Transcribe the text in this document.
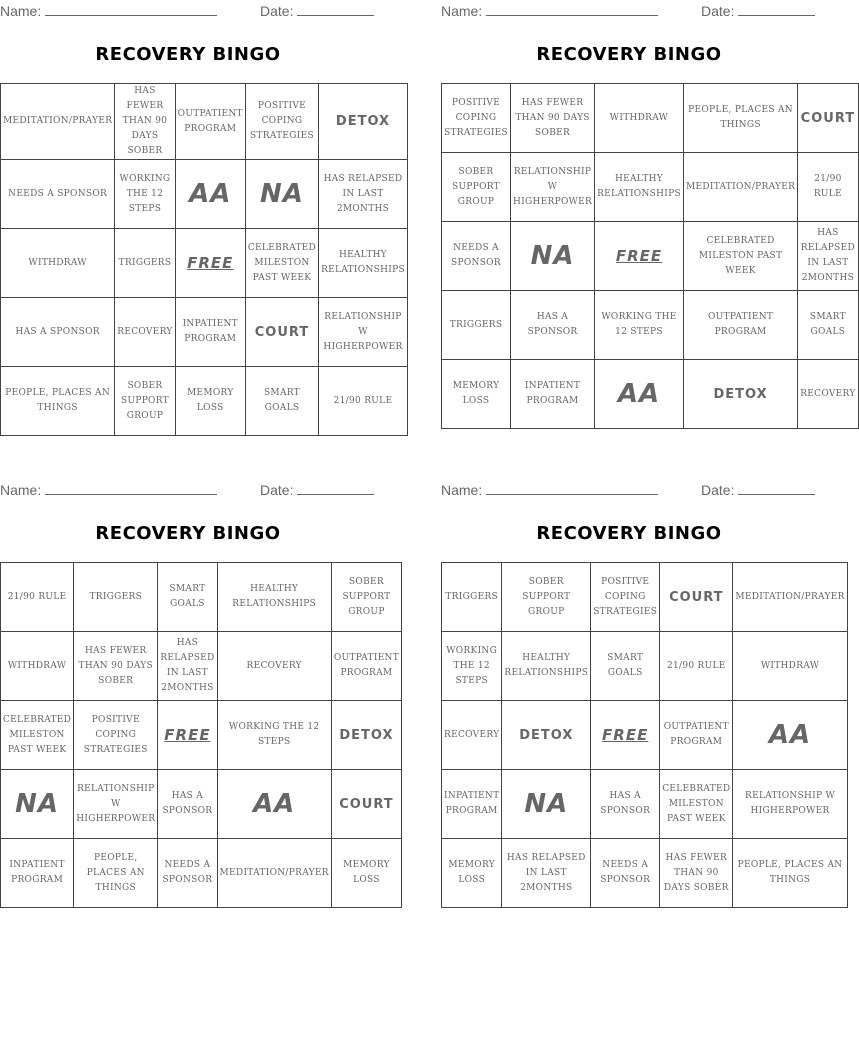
Name:	Date:
RECOVERY BINGO
MEDITATION/PRAYER	HAS FEWER THAN 90 DAYS SOBER	OUTPATIENT PROGRAM	POSITIVE COPING STRATEGIES	DETOX
NEEDS A SPONSOR	WORKING THE 12 STEPS	AA	NA	HAS RELAPSED IN LAST 2MONTHS
WITHDRAW	TRIGGERS	FREE	CELEBRATED MILESTON PAST WEEK	HEALTHY RELATIONSHIPS
HAS A SPONSOR	RECOVERY	INPATIENT PROGRAM	COURT	RELATIONSHIP W HIGHERPOWER
PEOPLE, PLACES AN THINGS	SOBER SUPPORT GROUP	MEMORY LOSS	SMART GOALS	21/90 RULE
Name:	Date:
RECOVERY BINGO
POSITIVE COPING STRATEGIES	HAS FEWER THAN 90 DAYS SOBER	WITHDRAW	PEOPLE, PLACES AN THINGS	COURT
SOBER SUPPORT GROUP	RELATIONSHIP W HIGHERPOWER	HEALTHY RELATIONSHIPS	MEDITATION/PRAYER	21/90 RULE
NEEDS A SPONSOR	NA	FREE	CELEBRATED MILESTON PAST WEEK	HAS RELAPSED IN LAST 2MONTHS
TRIGGERS	HAS A SPONSOR	WORKING THE 12 STEPS	OUTPATIENT PROGRAM	SMART GOALS
MEMORY LOSS	INPATIENT PROGRAM	AA	DETOX	RECOVERY
Name:	Date:
RECOVERY BINGO
21/90 RULE	TRIGGERS	SMART GOALS	HEALTHY RELATIONSHIPS	SOBER SUPPORT GROUP
WITHDRAW	HAS FEWER THAN 90 DAYS SOBER	HAS RELAPSED IN LAST 2MONTHS	RECOVERY	OUTPATIENT PROGRAM
CELEBRATED MILESTON PAST WEEK	POSITIVE COPING STRATEGIES	FREE	WORKING THE 12 STEPS	DETOX
NA	RELATIONSHIP W HIGHERPOWER	HAS A SPONSOR	AA	COURT
INPATIENT PROGRAM	PEOPLE, PLACES AN THINGS	NEEDS A SPONSOR	MEDITATION/PRAYER	MEMORY LOSS
Name:	Date:
RECOVERY BINGO
TRIGGERS	SOBER SUPPORT GROUP	POSITIVE COPING STRATEGIES	COURT	MEDITATION/PRAYER
WORKING THE 12 STEPS	HEALTHY RELATIONSHIPS	SMART GOALS	21/90 RULE	WITHDRAW
RECOVERY	DETOX	FREE	OUTPATIENT PROGRAM	AA
INPATIENT PROGRAM	NA	HAS A SPONSOR	CELEBRATED MILESTON PAST WEEK	RELATIONSHIP W HIGHERPOWER
MEMORY LOSS	HAS RELAPSED IN LAST 2MONTHS	NEEDS A SPONSOR	HAS FEWER THAN 90 DAYS SOBER	PEOPLE, PLACES AN THINGS
